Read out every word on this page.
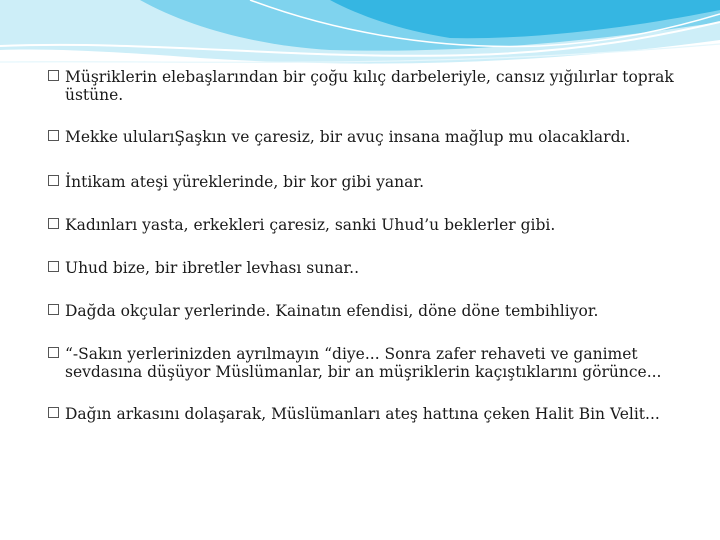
Müşriklerin elebaşlarından bir çoğu kılıç darbeleriyle, cansız yığılırlar toprak üstüne.
Mekke ulularıŞaşkın ve çaresiz, bir avuç insana mağlup mu olacaklardı.
İntikam ateşi yüreklerinde, bir kor gibi yanar.
Kadınları yasta, erkekleri çaresiz, sanki Uhud’u beklerler gibi.
Uhud bize, bir ibretler levhası sunar..
Dağda okçular yerlerinde. Kainatın efendisi, döne döne tembihliyor.
“-Sakın yerlerinizden ayrılmayın “diye... Sonra zafer rehaveti ve ganimet sevdasına düşüyor Müslümanlar, bir an müşriklerin kaçıştıklarını görünce...
Dağın arkasını dolaşarak, Müslümanları ateş hattına çeken Halit Bin Velit...
